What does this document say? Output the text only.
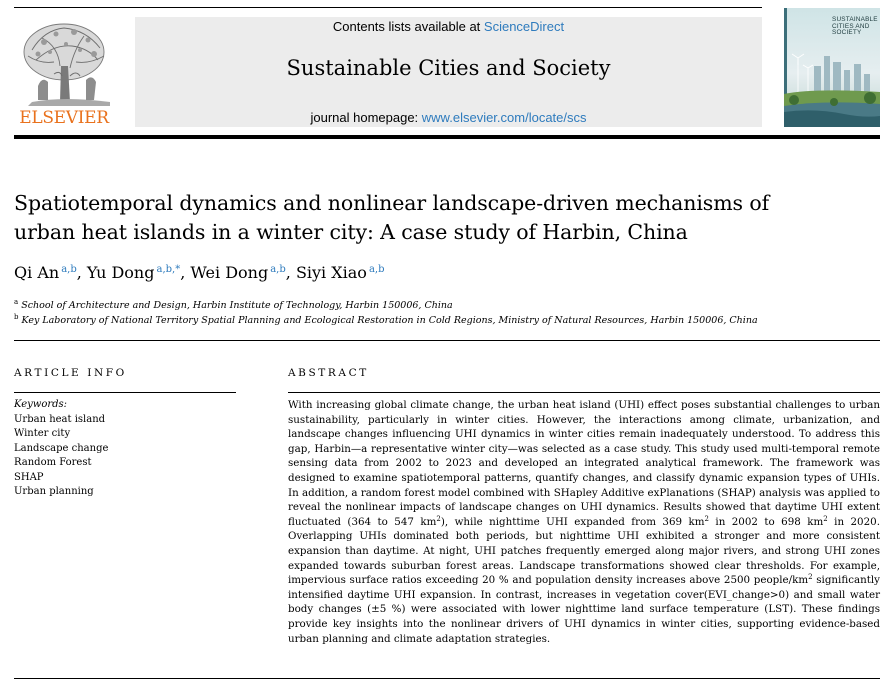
ELSEVIER
Contents lists available at ScienceDirect
Sustainable Cities and Society
journal homepage: www.elsevier.com/locate/scs
SUSTAINABLE CITIES AND SOCIETY
Spatiotemporal dynamics and nonlinear landscape-driven mechanisms of urban heat islands in a winter city: A case study of Harbin, China
Qi An $^{a,b}$, Yu Dong $^{a,b,*}$, Wei Dong $^{a,b}$, Siyi Xiao $^{a,b}$
$^a$ School of Architecture and Design, Harbin Institute of Technology, Harbin 150006, China
$^b$ Key Laboratory of National Territory Spatial Planning and Ecological Restoration in Cold Regions, Ministry of Natural Resources, Harbin 150006, China
ARTICLE INFO
Keywords:
Urban heat island
Winter city
Landscape change
Random Forest
SHAP
Urban planning
ABSTRACT

With increasing global climate change, the urban heat island (UHI) effect poses substantial challenges to urban sustainability, particularly in winter cities. However, the interactions among climate, urbanization, and landscape changes influencing UHI dynamics in winter cities remain inadequately understood. To address this gap, Harbin—a representative winter city—was selected as a case study. This study used multi-temporal remote sensing data from 2002 to 2023 and developed an integrated analytical framework. The framework was designed to examine spatiotemporal patterns, quantify changes, and classify dynamic expansion types of UHIs. In addition, a random forest model combined with SHapley Additive exPlanations (SHAP) analysis was applied to reveal the nonlinear impacts of landscape changes on UHI dynamics. Results showed that daytime UHI extent fluctuated (364 to 547 $km^2$), while nighttime UHI expanded from 369 $km^2$ in 2002 to 698 $km^2$ in 2020. Overlapping UHIs dominated both periods, but nighttime UHI exhibited a stronger and more consistent expansion than daytime. At night, UHI patches frequently emerged along major rivers, and strong UHI zones expanded towards suburban forest areas. Landscape transformations showed clear thresholds. For example, impervious surface ratios exceeding 20 % and population density increases above 2500 people/$km^2$ significantly intensified daytime UHI expansion. In contrast, increases in vegetation cover(EVI_change>0) and small water body changes (±5 %) were associated with lower nighttime land surface temperature (LST). These findings provide key insights into the nonlinear drivers of UHI dynamics in winter cities, supporting evidence-based urban planning and climate adaptation strategies.
